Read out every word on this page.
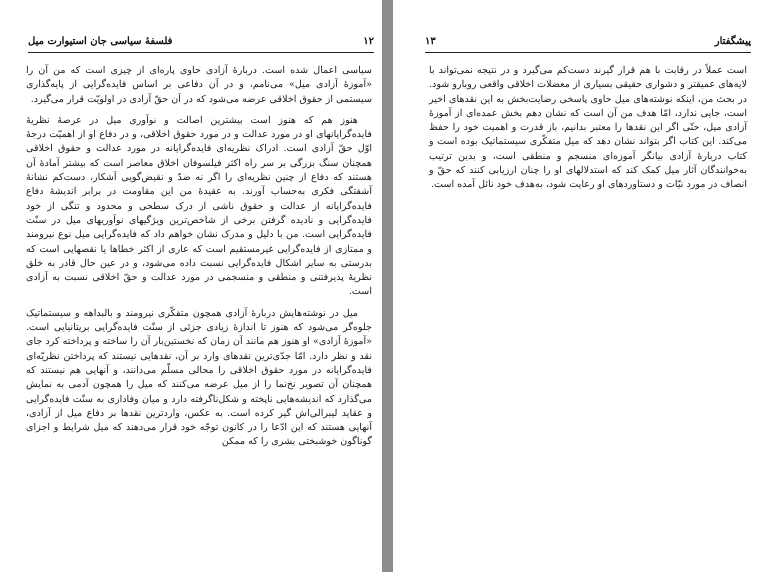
۱۲
فلسفهٔ سیاسی جان استیوارت میل

سیاسی اعمال شده است. دربارهٔ آزادی حاوی پاره‌ای از چیزی است که من آن را «آموزهٔ آزادی میل» می‌نامم، و در آن دفاعی بر اساس فایده‌گرایی از پایه‌گذاری سیستمی از حقوق اخلاقی عرضه می‌شود که در آن حقّ آزادی در اولویّت قرار می‌گیرد.

هنوز هم که هنوز است بیشترین اصالت و نوآوری میل در عرصهٔ نظریهٔ فایده‌گرایانهای او در مورد عدالت و در مورد حقوق اخلاقی، و در دفاع او از اهمیّت درجهٔ اوّل حقّ آزادی است. ادراک نظریه‌ای فایده‌گرایانه در مورد عدالت و حقوق اخلاقی همچنان سنگ بزرگی بر سر راه اکثر فیلسوفان اخلاق معاصر است که بیشتر آمادهٔ آن هستند که دفاع از چنین نظریه‌ای را اگر نه ضدّ و نقیض‌گویی آشکار، دست‌کم نشانهٔ آشفتگی فکری به‌حساب آورند. به عقیدهٔ من این مقاومت در برابر اندیشهٔ دفاع فایده‌گرایانه از عدالت و حقوق ناشی از درک سطحی و محدود و تنگی از خود فایده‌گرایی و نادیده گرفتن برخی از شاخص‌ترین ویژگیهای نوآوریهای میل در سنّت فایده‌گرایی است. من با دلیل و مدرک نشان خواهم داد که فایده‌گرایی میل نوع نیرومند و ممتازی از فایده‌گرایی غیرمستقیم است که عاری از اکثر خطاها یا نقصهایی است که بدرستی به سایر اشکال فایده‌گرایی نسبت داده می‌شود، و در عین حال قادر به خلق نظریهٔ پذیرفتنی و منطقی و منسجمی در مورد عدالت و حقّ اخلاقی نسبت به آزادی است.

میل در نوشته‌هایش دربارهٔ آزادی همچون متفکّری نیرومند و بالبداهه و سیستماتیک جلوه‌گر می‌شود که هنوز تا اندازهٔ زیادی جزئی از سنّت فایده‌گرایی بریتانیایی است. «آموزهٔ آزادی» او هنوز هم مانند آن زمان که نخستین‌بار آن را ساخته و پرداخته کرد جای نقد و نظر دارد. امّا جدّی‌ترین نقدهای وارد بر آن، نقدهایی نیستند که پرداختن نظریّه‌ای فایده‌گرایانه در مورد حقوق اخلاقی را محالی مسلّم می‌دانند، و آنهایی هم نیستند که همچنان آن تصویر نخ‌نما را از میل عرضه می‌کنند که میل را همچون آدمی به نمایش می‌گذارد که اندیشه‌هایی ناپخته و شکل‌ناگرفته دارد و میان وفاداری به سنّت فایده‌گرایی و عقاید لیبرالی‌اش گیر کرده است. به عکس، واردترین نقدها بر دفاع میل از آزادی، آنهایی هستند که این ادّعا را در کانون توجّه خود قرار می‌دهند که میل شرایط و اجزای گوناگون خوشبختی بشری را که ممکن

۱۳	پیشگفتار

است عملاً در رقابت با هم قرار گیرند دست‌کم می‌گیرد و در نتیجه نمی‌تواند با لایه‌های عمیقتر و دشواری حقیقی بسیاری از معضلات اخلاقی واقعی روبارو شود. در بحث من، اینکه نوشته‌های میل حاوی پاسخی رضایت‌بخش به این نقدهای اخیر است، جایی ندارد، امّا هدف من آن است که نشان دهم بخش عمده‌ای از آموزهٔ آزادی میل، حتّی اگر این نقدها را معتبر بدانیم، باز قدرت و اهمیت خود را حفظ می‌کند. این کتاب اگر بتواند نشان دهد که میل متفکّری سیستماتیک بوده است و کتاب دربارهٔ آزادی بیانگر آموزه‌ای منسجم و منطقی است، و بدین ترتیب به‌خوانندگان آثار میل کمک کند که استدلالهای او را چنان ارزیابی کنند که حقّ و انصاف در مورد نیّات و دستاوردهای او رعایت شود، به‌هدف خود نائل آمده است.
